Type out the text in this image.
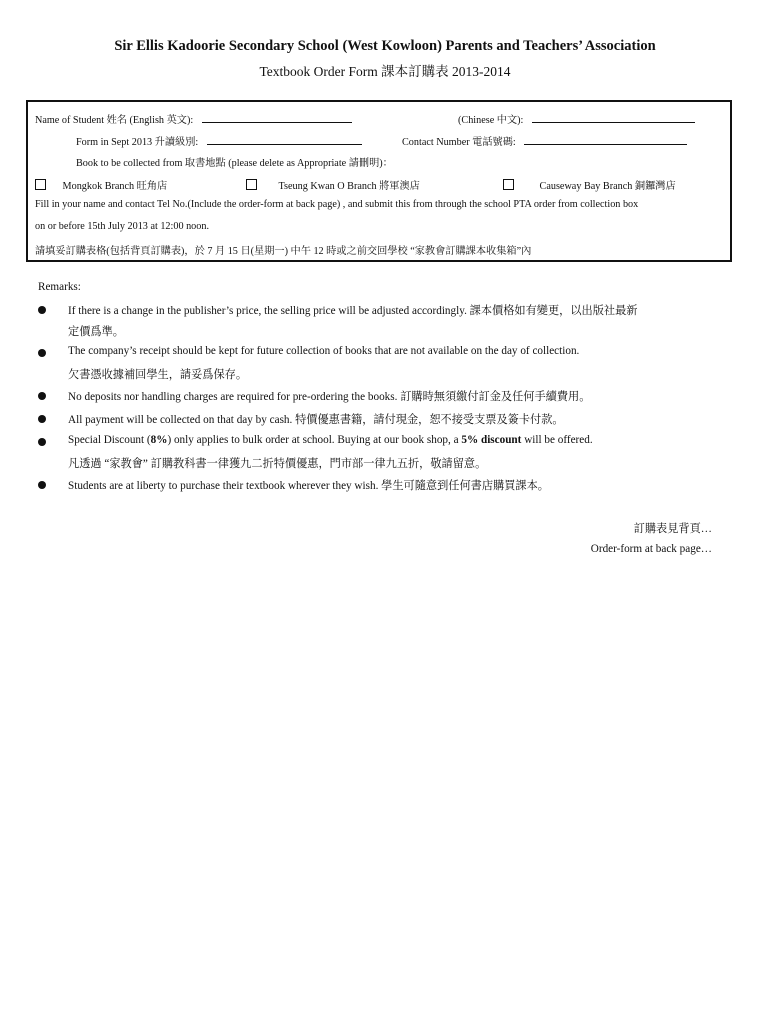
Sir Ellis Kadoorie Secondary School (West Kowloon) Parents and Teachers’ Association
Textbook Order Form 課本訂購表 2013-2014
Name of Student 姓名 (English 英文):	(Chinese 中文):
Form in Sept 2013 升讀級別:	Contact Number 電話號碼:
Book to be collected from 取書地點 (please delete as Appropriate 請刪明)：
Mongkok Branch 旺角店	Tseung Kwan O Branch 將軍澳店	Causeway Bay Branch 銅鑼灣店
Fill in your name and contact Tel No.(Include the order-form at back page) , and submit this from through the school PTA order from collection box
on or before 15th July 2013 at 12:00 noon.
請填妥訂購表格(包括背頁訂購表)，於 7 月 15 日(星期一) 中午 12 時或之前交回學校 “家教會訂購課本收集箱”內
Remarks:
If there is a change in the publisher’s price, the selling price will be adjusted accordingly. 課本價格如有變更，以出版社最新
定價爲準。
The company’s receipt should be kept for future collection of books that are not available on the day of collection.
欠書憑收據補回學生，請妥爲保存。
No deposits nor handling charges are required for pre-ordering the books. 訂購時無須繳付訂金及任何手續費用。
All payment will be collected on that day by cash. 特價優惠書籍，請付現金，恕不接受支票及簽卡付款。
Special Discount (8%) only applies to bulk order at school. Buying at our book shop, a 5% discount will be offered.
凡透過 “家教會” 訂購教科書一律獲九二折特價優惠，門市部一律九五折，敬請留意。
Students are at liberty to purchase their textbook wherever they wish. 學生可隨意到任何書店購買課本。
訂購表見背頁…
Order-form at back page…
